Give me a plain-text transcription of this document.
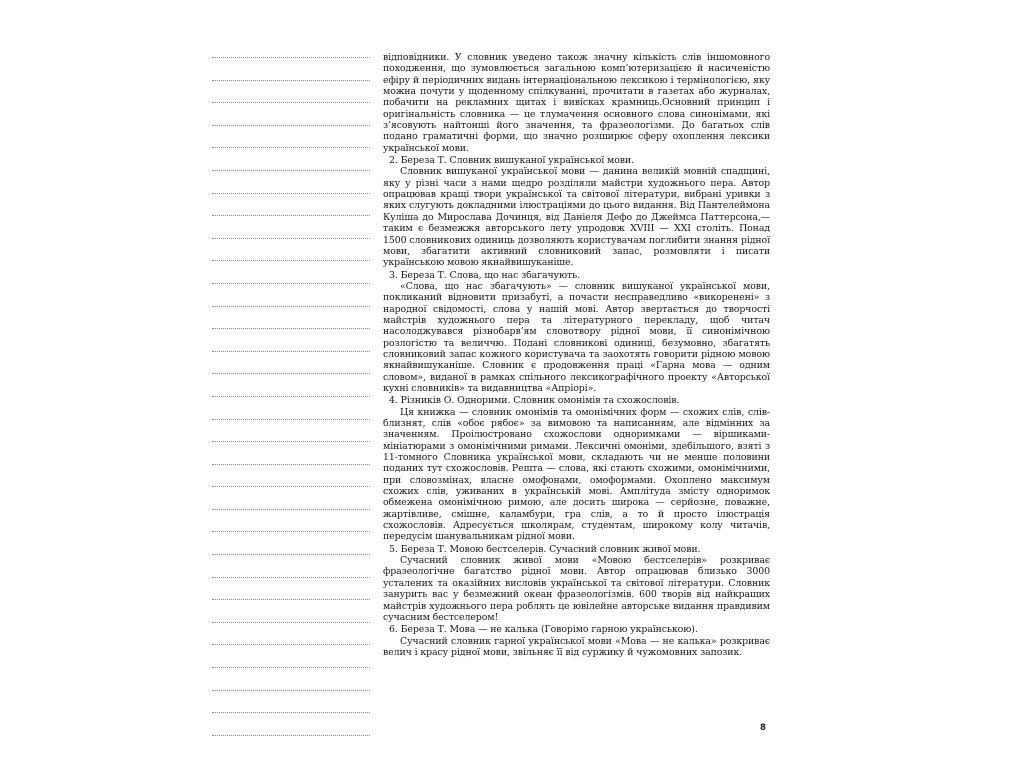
відповідники. У словник уведено також значну кількість слів іншомовного походження, що зумовлюється загальною комп’ютеризацією й насиченістю ефіру й періодичних видань інтернаціональною лексикою і термінологією, яку можна почути у щоденному спілкуванні, прочитати в газетах або журналах, побачити на рекламних щитах і вивісках крамниць.Основний принцип і оригінальність словника — це тлумачення основного слова синонімами, які з’ясовують найтонші його значення, та фразеологізми. До багатьох слів подано граматичні форми, що значно розширює сферу охоплення лексики української мови.

2. Береза Т. Словник вишуканої української мови.

Словник вишуканої української мови — данина великій мовній спадщині, яку у різні часи з нами щедро розділяли майстри художнього пера. Автор опрацював кращі твори української та світової літератури, вибрані уривки з яких слугують докладними ілюстраціями до цього видання. Від Пантелеймона Куліша до Мирослава Дочинця, від Даніеля Дефо до Джеймса Паттерсона,— таким є безмежжя авторського лету упродовж XVIII — XXI століть. Понад 1500 словникових одиниць дозволяють користувачам поглибити знання рідної мови, збагатити активний словниковий запас, розмовляти і писати українською мовою якнайвишуканіше.

3. Береза Т. Слова, що нас збагачують.

«Слова, що нас збагачують» — словник вишуканої української мови, покликаний відновити призабуті, а почасти несправедливо «викоренені» з народної свідомості, слова у нашій мові. Автор звертається до творчості майстрів художнього пера та літературного перекладу, щоб читач насолоджувався різнобарв’ям словотвору рідної мови, її синонімічною розлогістю та величчю. Подані словникові одиниці, безумовно, збагатять словниковий запас кожного користувача та заохотять говорити рідною мовою якнайвишуканіше. Словник є продовження праці «Гарна мова — одним словом», виданої в рамках спільного лексикографічного проекту «Авторської кухні словників» та видавництва «Апріорі».

4. Різників О. Однорими. Словник омонімів та схожословів.

Ця книжка — словник омонімів та омонімічних форм — схожих слів, слів-близнят, слів «обоє рябоє» за вимовою та написанням, але відмінних за значенням. Проілюстровано схожослови одноримками — віршиками-мініатюрами з омонімічними римами. Лексичні омоніми, здебільшого, взяті з 11-томного Словника української мови, складають чи не менше половини поданих тут схожословів. Решта — слова, які стають схожими, омонімічними, при словозмінах, власне омофонами, омоформами. Охоплено максимум схожих слів, уживаних в українській мові. Амплітуда змісту одноримок обмежена омонімічною римою, але досить широка — серйозне, поважне, жартівливе, смішне, каламбури, гра слів, а то й просто ілюстрація схожословів. Адресується школярам, студентам, широкому колу читачів, передусім шанувальникам рідної мови.

5. Береза Т. Мовою бестселерів. Сучасний словник живої мови.

Сучасний словник живої мови «Мовою бестселерів» розкриває фразеологічне багатство рідної мови. Автор опрацював близько 3000 усталених та оказійних висловів української та світової літератури. Словник занурить вас у безмежний океан фразеологізмів. 600 творів від найкращих майстрів художнього пера роблять це ювілейне авторське видання правдивим сучасним бестселером!

6. Береза Т. Мова — не калька (Говорімо гарною українською).

Сучасний словник гарної української мови «Мова — не калька» розкриває велич і красу рідної мови, звільняє її від суржику й чужомовних запозик.

8
